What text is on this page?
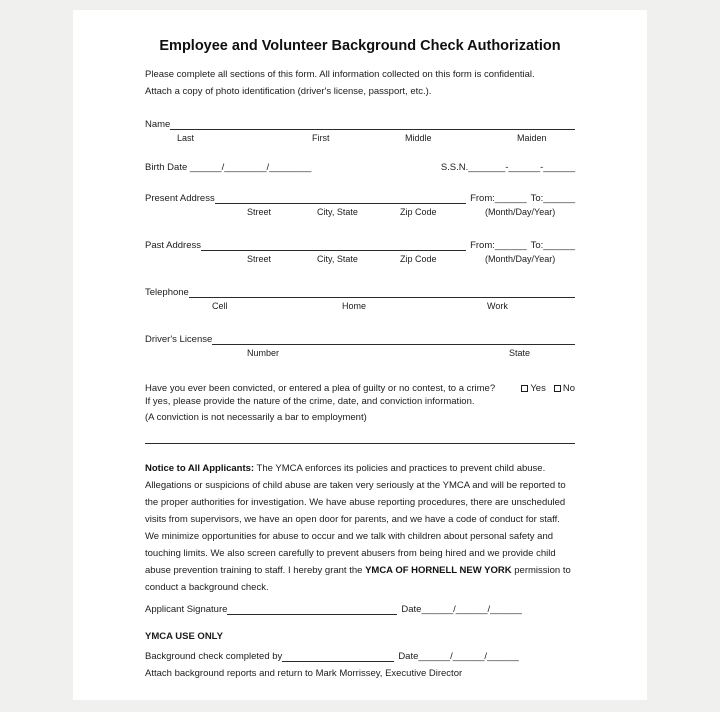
Employee and Volunteer Background Check Authorization
Please complete all sections of this form. All information collected on this form is confidential.
Attach a copy of photo identification (driver's license, passport, etc.).
Name
Last	First	Middle	Maiden
Birth Date ______/________/________	S.S.N._______-______-______
Present Address	From: ______ To: ______
Street	City, State	Zip Code	(Month/Day/Year)
Past Address	From: ______ To: ______
Street	City, State	Zip Code	(Month/Day/Year)
Telephone
Cell	Home	Work
Driver's License
Number	State
Have you ever been convicted, or entered a plea of guilty or no contest, to a crime?	Yes No
If yes, please provide the nature of the crime, date, and conviction information.
(A conviction is not necessarily a bar to employment)

Notice to All Applicants: The YMCA enforces its policies and practices to prevent child abuse. Allegations or suspicions of child abuse are taken very seriously at the YMCA and will be reported to the proper authorities for investigation. We have abuse reporting procedures, there are unscheduled visits from supervisors, we have an open door for parents, and we have a code of conduct for staff. We minimize opportunities for abuse to occur and we talk with children about personal safety and touching limits. We also screen carefully to prevent abusers from being hired and we provide child abuse prevention training to staff. I hereby grant the YMCA OF HORNELL NEW YORK permission to conduct a background check.

Applicant Signature	Date ______/______/______
YMCA USE ONLY
Background check completed by	Date ______/______/______
Attach background reports and return to Mark Morrissey, Executive Director
